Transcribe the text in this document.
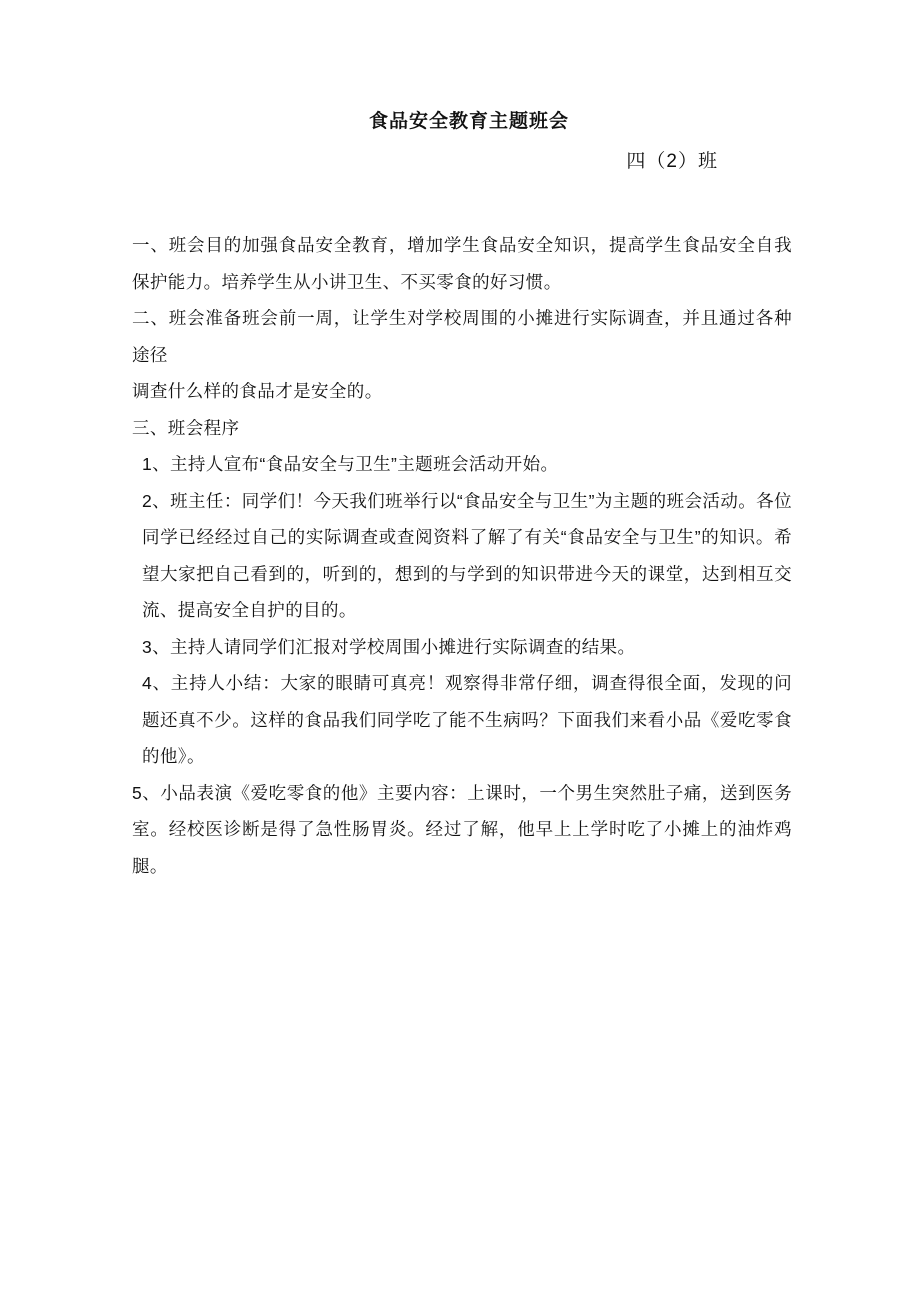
食品安全教育主题班会
四（2）班

一、班会目的加强食品安全教育，增加学生食品安全知识，提高学生食品安全自我保护能力。培养学生从小讲卫生、不买零食的好习惯。

二、班会准备班会前一周，让学生对学校周围的小摊进行实际调查，并且通过各种途径

调查什么样的食品才是安全的。

三、班会程序

1、主持人宣布“食品安全与卫生”主题班会活动开始。

2、班主任：同学们！今天我们班举行以“食品安全与卫生”为主题的班会活动。各位同学已经经过自己的实际调查或查阅资料了解了有关“食品安全与卫生”的知识。希望大家把自己看到的，听到的，想到的与学到的知识带进今天的课堂，达到相互交流、提高安全自护的目的。

3、主持人请同学们汇报对学校周围小摊进行实际调查的结果。

4、主持人小结：大家的眼睛可真亮！观察得非常仔细，调查得很全面，发现的问题还真不少。这样的食品我们同学吃了能不生病吗？下面我们来看小品《爱吃零食的他》。

5、小品表演《爱吃零食的他》主要内容：上课时，一个男生突然肚子痛，送到医务室。经校医诊断是得了急性肠胃炎。经过了解，他早上上学时吃了小摊上的油炸鸡腿。
